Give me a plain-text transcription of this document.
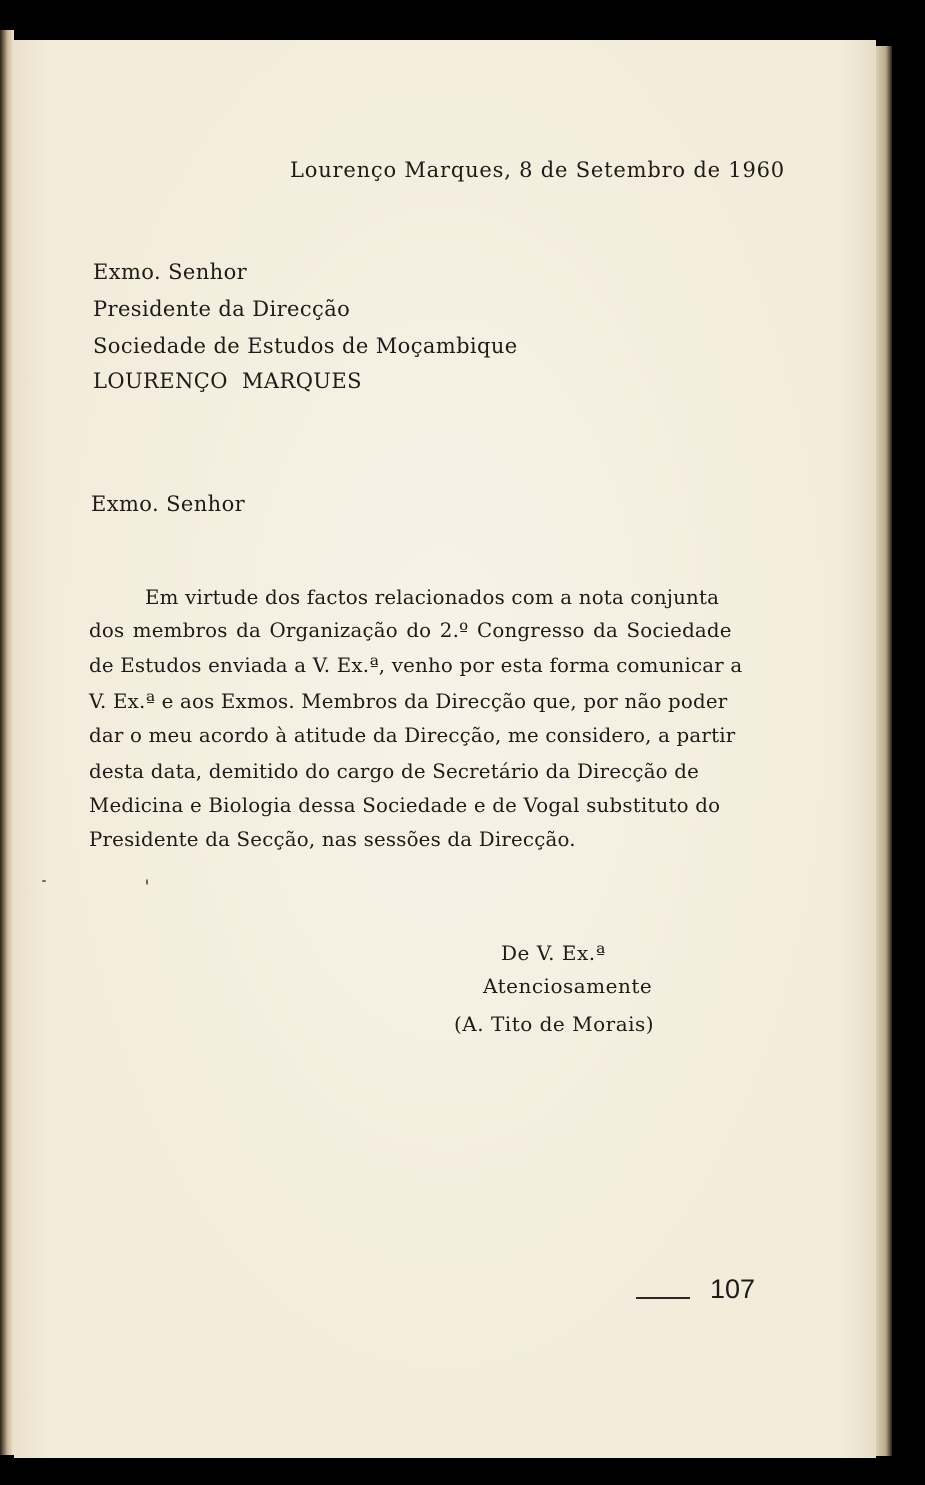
Lourenço Marques, 8 de Setembro de 1960

Exmo. Senhor

Presidente da Direcção

Sociedade de Estudos de Moçambique

LOURENÇO  MARQUES

Exmo. Senhor

Em virtude dos factos relacionados com a nota conjunta

dos membros da Organização do 2.º Congresso da Sociedade

de Estudos enviada a V. Ex.ª, venho por esta forma comunicar a

V. Ex.ª e aos Exmos. Membros da Direcção que, por não poder

dar o meu acordo à atitude da Direcção, me considero, a partir

desta data, demitido do cargo de Secretário da Direcção de

Medicina e Biologia dessa Sociedade e de Vogal substituto do

Presidente da Secção, nas sessões da Direcção.

De V. Ex.ª

Atenciosamente

(A. Tito de Morais)

107
